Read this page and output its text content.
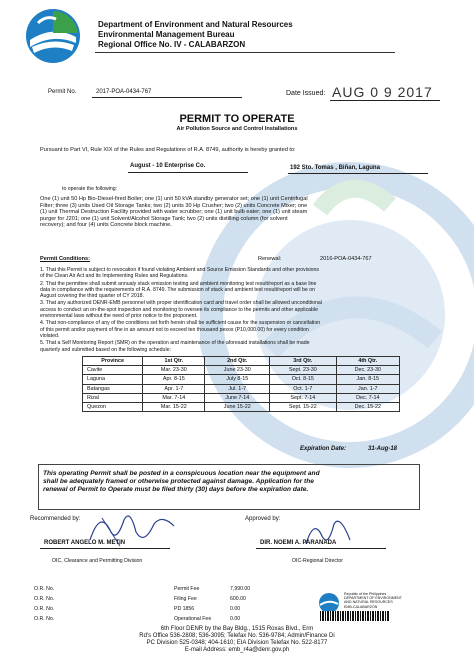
Department of Environment and Natural Resources
Environmental Management Bureau
Regional Office No. IV - CALABARZON
Permit No.	2017-POA-0434-767	Date Issued: AUG 0 9 2017
PERMIT TO OPERATE
Air Pollution Source and Control Installations
Pursuant to Part VI, Rule XIX of the Rules and Regulations of R.A. 8749, authority is hereby granted to:
August - 10 Enterprise Co.	192 Sto. Tomas , Biñan, Laguna
to operate the following:
One (1) unit 50 Hp Bio-Diesel-fired Boiler; one (1) unit 50 kVA standby generator set; one (1) unit Centrifugal
Filter; three (3) units Used Oil Storage Tanks; two (2) units 30 Hp Crusher; two (2) units Concrete Mixer; one
(1) unit Thermal Destruction Facility provided with water scrubber; one (1) unit bulb eater; one (1) unit steam
purger for J201; one (1) unit Solvent/Alcohol Storage Tank; two (2) units distilling column (for solvent
recovery); and four (4) units Concrete block machine.
Permit Conditions:	Renewal:	2016-POA-0434-767
1. That this Permit is subject to revocation if found violating Ambient and Source Emission Standards and other provisions
of the Clean Air Act and its Implementing Rules and Regulations.
2. That the permittee shall submit annualy stack emission testing and ambient monitoring test result/report as a base line
data in compliance with the requirements of R.A. 8749. The submission of stack and ambient test result/report will be on
August covering the third quarter of CY 2018.
3. That any authorized DENR-EMB personnel with proper identification card and travel order shall be allowed unconditional
access to conduct an on-the-spot inspection and monitoring to oversee its compliance to the permits and other applicable
environmental laws without the need of prior notice to the proponent.
4. That non-compliance of any of the conditions set forth herein shall be sufficient cause for the suspension or cancellation
of this permit and/or payment of fine in an amount not to exceed ten thousand pesos (P10,000.00) for every condition
violated.
5. That a Self Monitoring Report (SMR) on the operation and maintenance of the aforesaid installations shall be made
quarterly and submitted based on the following schedule:
Province	1st Qtr.	2nd Qtr.	3rd Qtr.	4th Qtr.
Cavite	Mar. 23-30	June 23-30	Sept. 23-30	Dec. 23-30
Laguna	Apr. 8-15	July 8-15	Oct. 8-15	Jan. 8-15
Batangas	Apr. 1-7	Jul. 1-7	Oct. 1-7	Jan. 1-7
Rizal	Mar. 7-14	June 7-14	Sept. 7-14	Dec. 7-14
Quezon	Mar. 15-22	June 15-22	Sept. 15-22	Dec. 15-22
Expiration Date:	31-Aug-18
This operating Permit shall be posted in a conspicuous location near the equipment and
shall be adequately framed or otherwise protected against damage. Application for the
renewal of Permit to Operate must be filed thirty (30) days before the expiration date.
Recommended by:	Approved by:
ROBERT ANGELO M. METIN
OIC, Clearance and Permitting Division
DIR. NOEMI A. PARANADA
OIC-Regional Director
O.R. No.	Permit Fee	7,990.00
O.R. No.	Filing Fee	600.00
O.R. No.	PD 1856	0.00
O.R. No.	Operational Fee	0.00
Republic of the Philippines
DEPARTMENT OF ENVIRONMENT
AND NATURAL RESOURCES
EMB-CALABARZON
6th Floor DENR by the Bay Bldg., 1515 Roxas Blvd., Erm
Rd's Office 536-2808; 536-3095; Telefax No. 536-9784; Admin/Finance Di
PC Division 525-0348; 404-1610; EIA Division Telefax No. 522-8177
E-mail Address: emb_r4a@denr.gov.ph
